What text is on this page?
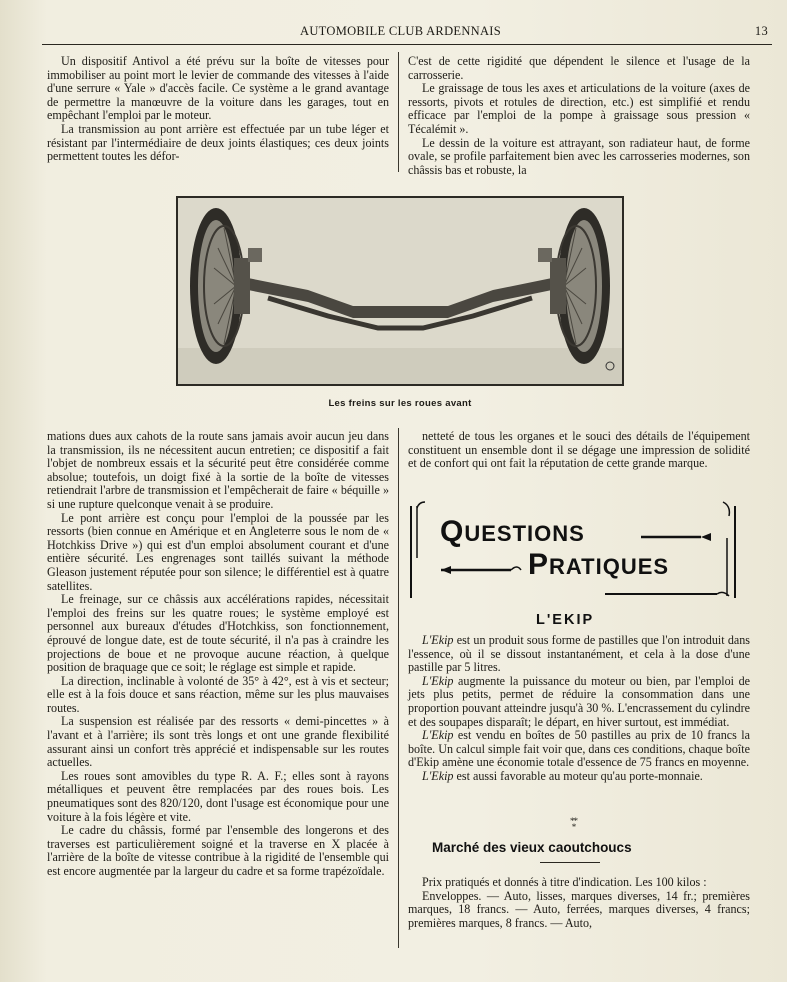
AUTOMOBILE CLUB ARDENNAIS	13

Un dispositif Antivol a été prévu sur la boîte de vitesses pour immobiliser au point mort le levier de commande des vitesses à l'aide d'une serrure « Yale » d'accès facile. Ce système a le grand avantage de permettre la manœuvre de la voiture dans les garages, tout en empêchant l'emploi par le moteur.

La transmission au pont arrière est effectuée par un tube léger et résistant par l'intermédiaire de deux joints élastiques; ces deux joints permettent toutes les défor-

C'est de cette rigidité que dépendent le silence et l'usage de la carrosserie.

Le graissage de tous les axes et articulations de la voiture (axes de ressorts, pivots et rotules de direction, etc.) est simplifié et rendu efficace par l'emploi de la pompe à graissage sous pression « Técalémit ».

Le dessin de la voiture est attrayant, son radiateur haut, de forme ovale, se profile parfaitement bien avec les carrosseries modernes, son châssis bas et robuste, la

Les freins sur les roues avant

mations dues aux cahots de la route sans jamais avoir aucun jeu dans la transmission, ils ne nécessitent aucun entretien; ce dispositif a fait l'objet de nombreux essais et la sécurité peut être considérée comme absolue; toutefois, un doigt fixé à la sortie de la boîte de vitesses retiendrait l'arbre de transmission et l'empêcherait de faire « béquille » si une rupture quelconque venait à se produire.

Le pont arrière est conçu pour l'emploi de la poussée par les ressorts (bien connue en Amérique et en Angleterre sous le nom de « Hotchkiss Drive ») qui est d'un emploi absolument courant et d'une entière sécurité. Les engrenages sont taillés suivant la méthode Gleason justement réputée pour son silence; le différentiel est à quatre satellites.

Le freinage, sur ce châssis aux accélérations rapides, nécessitait l'emploi des freins sur les quatre roues; le système employé est personnel aux bureaux d'études d'Hotchkiss, son fonctionnement, éprouvé de longue date, est de toute sécurité, il n'a pas à craindre les projections de boue et ne provoque aucune réaction, à quelque position de braquage que ce soit; le réglage est simple et rapide.

La direction, inclinable à volonté de 35° à 42°, est à vis et secteur; elle est à la fois douce et sans réaction, même sur les plus mauvaises routes.

La suspension est réalisée par des ressorts « demi-pincettes » à l'avant et à l'arrière; ils sont très longs et ont une grande flexibilité assurant ainsi un confort très apprécié et indispensable sur les routes actuelles.

Les roues sont amovibles du type R. A. F.; elles sont à rayons métalliques et peuvent être remplacées par des roues bois. Les pneumatiques sont des 820/120, dont l'usage est économique pour une voiture à la fois légère et vite.

Le cadre du châssis, formé par l'ensemble des longerons et des traverses est particulièrement soigné et la traverse en X placée à l'arrière de la boîte de vitesse contribue à la rigidité de l'ensemble qui est encore augmentée par la largeur du cadre et sa forme trapézoïdale.

netteté de tous les organes et le souci des détails de l'équipement constituent un ensemble dont il se dégage une impression de solidité et de confort qui ont fait la réputation de cette grande marque.

QUESTIONS
PRATIQUES
L'EKIP

L'Ekip est un produit sous forme de pastilles que l'on introduit dans l'essence, où il se dissout instantanément, et cela à la dose d'une pastille par 5 litres.

L'Ekip augmente la puissance du moteur ou bien, par l'emploi de jets plus petits, permet de réduire la consommation dans une proportion pouvant atteindre jusqu'à 30 %. L'encrassement du cylindre et des soupapes disparaît; le départ, en hiver surtout, est immédiat.

L'Ekip est vendu en boîtes de 50 pastilles au prix de 10 francs la boîte. Un calcul simple fait voir que, dans ces conditions, chaque boîte d'Ekip amène une économie totale d'essence de 75 francs en moyenne.

L'Ekip est aussi favorable au moteur qu'au porte-monnaie.

**
*
Marché des vieux caoutchoucs

Prix pratiqués et donnés à titre d'indication. Les 100 kilos :

Enveloppes. — Auto, lisses, marques diverses, 14 fr.; premières marques, 18 francs. — Auto, ferrées, marques diverses, 4 francs; premières marques, 8 francs. — Auto,
